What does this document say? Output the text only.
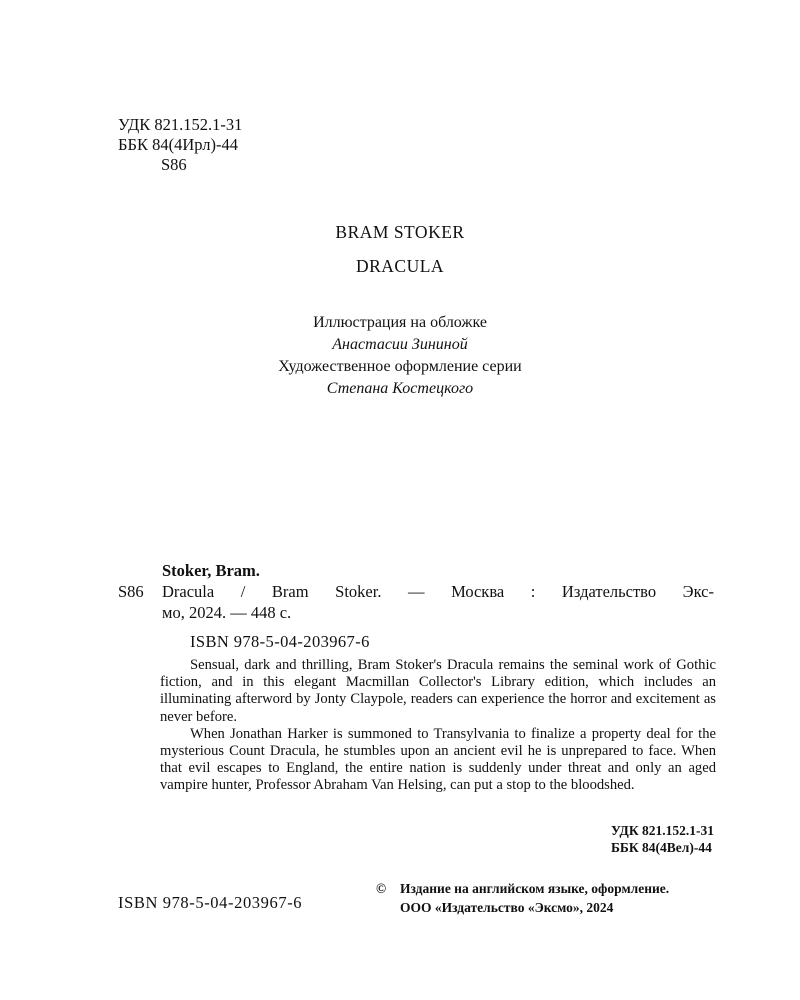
УДК 821.152.1-31
ББК 84(4Ирл)-44
S86
BRAM STOKER
DRACULA
Иллюстрация на обложке
Анастасии Зининой
Художественное оформление серии
Степана Костецкого
Stoker, Bram.
S86 Dracula / Bram Stoker. — Москва : Издательство Экс-
мо, 2024. — 448 с.
ISBN 978-5-04-203967-6

Sensual, dark and thrilling, Bram Stoker's Dracula remains the seminal work of Gothic fiction, and in this elegant Macmillan Collector's Library edition, which includes an illuminating afterword by Jonty Claypole, readers can experience the horror and excitement as never before.

When Jonathan Harker is summoned to Transylvania to finalize a property deal for the mysterious Count Dracula, he stumbles upon an ancient evil he is unprepared to face. When that evil escapes to England, the entire nation is suddenly under threat and only an aged vampire hunter, Professor Abraham Van Helsing, can put a stop to the bloodshed.

УДК 821.152.1-31
ББК 84(4Вел)-44
ISBN 978-5-04-203967-6
© Издание на английском языке, оформление.
ООО «Издательство «Эксмо», 2024
